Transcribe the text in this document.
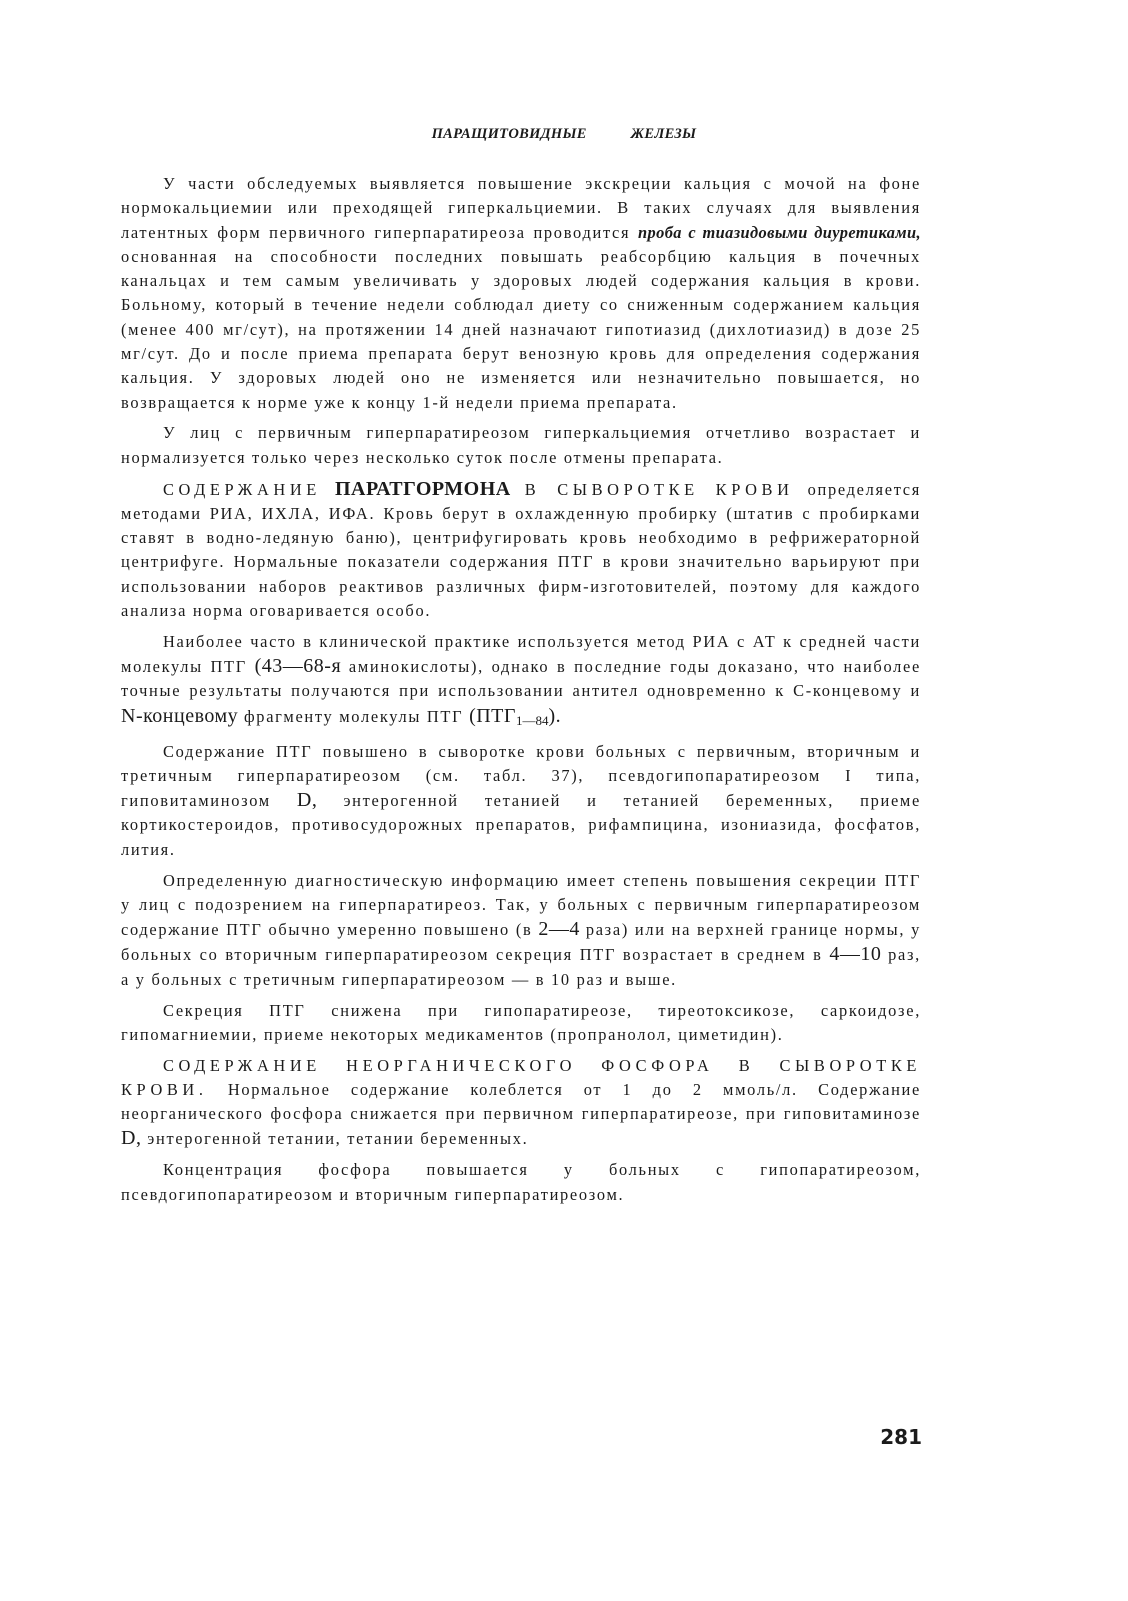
ПАРАЩИТОВИДНЫЕ	ЖЕЛЕЗЫ

У части обследуемых выявляется повышение экскреции кальция с мочой на фоне нормокальциемии или преходящей гиперкальциемии. В таких случаях для выявления латентных форм первичного гиперпаратиреоза проводится проба с тиазидовыми диуретиками, основанная на способности последних повышать реабсорбцию кальция в почечных канальцах и тем самым увеличивать у здоровых людей содержания кальция в крови. Больному, который в течение недели соблюдал диету со сниженным содержанием кальция (менее 400 мг/сут), на протяжении 14 дней назначают гипотиазид (дихлотиазид) в дозе 25 мг/сут. До и после приема препарата берут венозную кровь для определения содержания кальция. У здоровых людей оно не изменяется или незначительно повышается, но возвращается к норме уже к концу 1-й недели приема препарата.

У лиц с первичным гиперпаратиреозом гиперкальциемия отчетливо возрастает и нормализуется только через несколько суток после отмены препарата.

СОДЕРЖАНИЕ ПАРАТГОРМОНА В СЫВОРОТКЕ КРОВИ определяется методами РИА, ИХЛА, ИФА. Кровь берут в охлажденную пробирку (штатив с пробирками ставят в водно-ледяную баню), центрифугировать кровь необходимо в рефрижераторной центрифуге. Нормальные показатели содержания ПТГ в крови значительно варьируют при использовании наборов реактивов различных фирм-изготовителей, поэтому для каждого анализа норма оговаривается особо.

Наиболее часто в клинической практике используется метод РИА с АТ к средней части молекулы ПТГ (43—68-я аминокислоты), однако в последние годы доказано, что наиболее точные результаты получаются при использовании антител одновременно к С-концевому и N-концевому фрагменту молекулы ПТГ $(ПТГ_{1—84})$.

Содержание ПТГ повышено в сыворотке крови больных с первичным, вторичным и третичным гиперпаратиреозом (см. табл. 37), псевдогипопаратиреозом I типа, гиповитаминозом D, энтерогенной тетанией и тетанией беременных, приеме кортикостероидов, противосудорожных препаратов, рифампицина, изониазида, фосфатов, лития.

Определенную диагностическую информацию имеет степень повышения секреции ПТГ у лиц с подозрением на гиперпаратиреоз. Так, у больных с первичным гиперпаратиреозом содержание ПТГ обычно умеренно повышено (в 2—4 раза) или на верхней границе нормы, у больных со вторичным гиперпаратиреозом секреция ПТГ возрастает в среднем в 4—10 раз, а у больных с третичным гиперпаратиреозом — в 10 раз и выше.

Секреция ПТГ снижена при гипопаратиреозе, тиреотоксикозе, саркоидозе, гипомагниемии, приеме некоторых медикаментов (пропранолол, циметидин).

СОДЕРЖАНИЕ НЕОРГАНИЧЕСКОГО ФОСФОРА В СЫВОРОТКЕ КРОВИ. Нормальное содержание колеблется от 1 до 2 ммоль/л. Содержание неорганического фосфора снижается при первичном гиперпаратиреозе, при гиповитаминозе D, энтерогенной тетании, тетании беременных.

Концентрация фосфора повышается у больных с гипопаратиреозом, псевдогипопаратиреозом и вторичным гиперпаратиреозом.

281
